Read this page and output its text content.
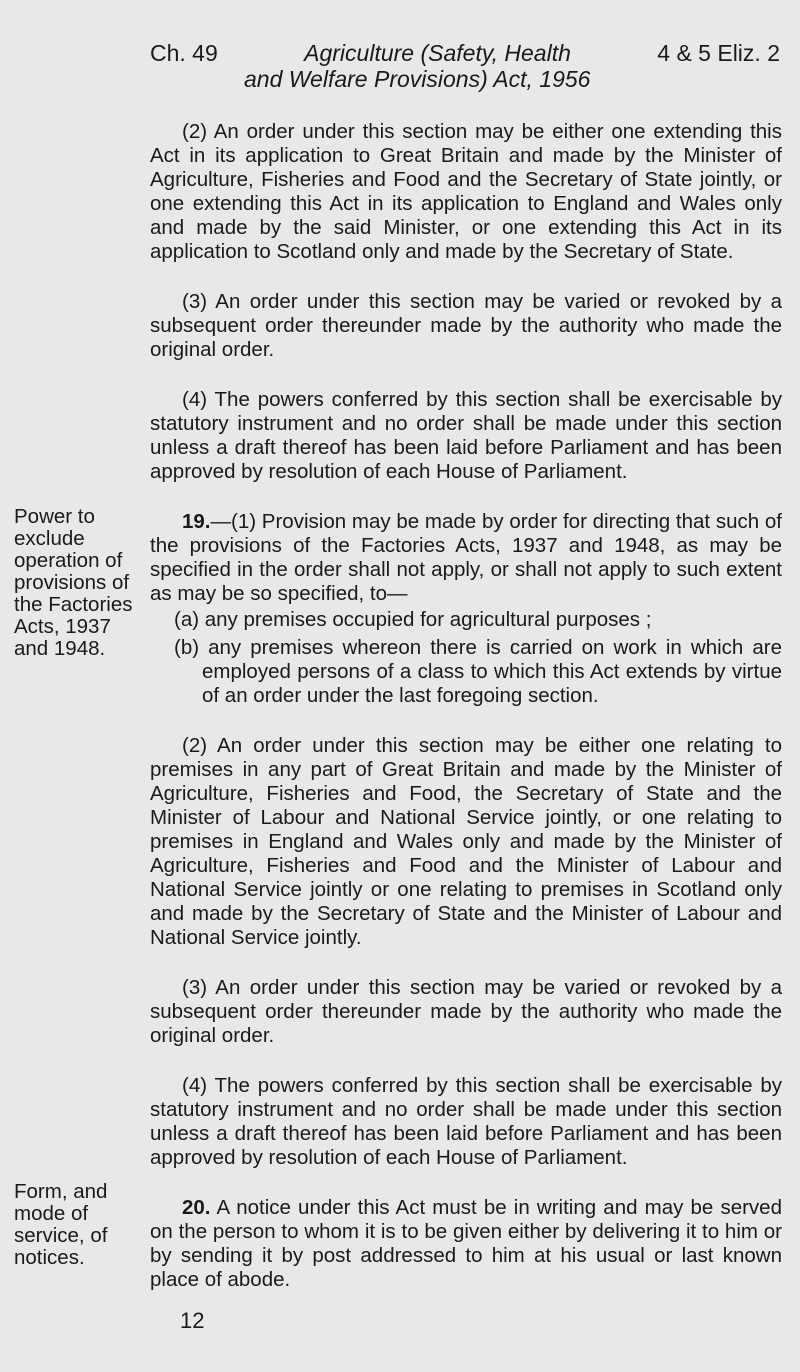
Ch. 49	Agriculture (Safety, Health	4 & 5 Eliz. 2
and Welfare Provisions) Act, 1956
Power to exclude operation of provisions of the Factories Acts, 1937 and 1948.
Form, and mode of service, of notices.

(2) An order under this section may be either one extending this Act in its application to Great Britain and made by the Minister of Agriculture, Fisheries and Food and the Secretary of State jointly, or one extending this Act in its application to England and Wales only and made by the said Minister, or one extending this Act in its application to Scotland only and made by the Secretary of State.

(3) An order under this section may be varied or revoked by a subsequent order thereunder made by the authority who made the original order.

(4) The powers conferred by this section shall be exercisable by statutory instrument and no order shall be made under this section unless a draft thereof has been laid before Parliament and has been approved by resolution of each House of Parliament.

19.—(1) Provision may be made by order for directing that such of the provisions of the Factories Acts, 1937 and 1948, as may be specified in the order shall not apply, or shall not apply to such extent as may be so specified, to—

(a) any premises occupied for agricultural purposes ;
(b) any premises whereon there is carried on work in which are employed persons of a class to which this Act extends by virtue of an order under the last foregoing section.

(2) An order under this section may be either one relating to premises in any part of Great Britain and made by the Minister of Agriculture, Fisheries and Food, the Secretary of State and the Minister of Labour and National Service jointly, or one relating to premises in England and Wales only and made by the Minister of Agriculture, Fisheries and Food and the Minister of Labour and National Service jointly or one relating to premises in Scotland only and made by the Secretary of State and the Minister of Labour and National Service jointly.

(3) An order under this section may be varied or revoked by a subsequent order thereunder made by the authority who made the original order.

(4) The powers conferred by this section shall be exercisable by statutory instrument and no order shall be made under this section unless a draft thereof has been laid before Parliament and has been approved by resolution of each House of Parliament.

20. A notice under this Act must be in writing and may be served on the person to whom it is to be given either by delivering it to him or by sending it by post addressed to him at his usual or last known place of abode.

12
